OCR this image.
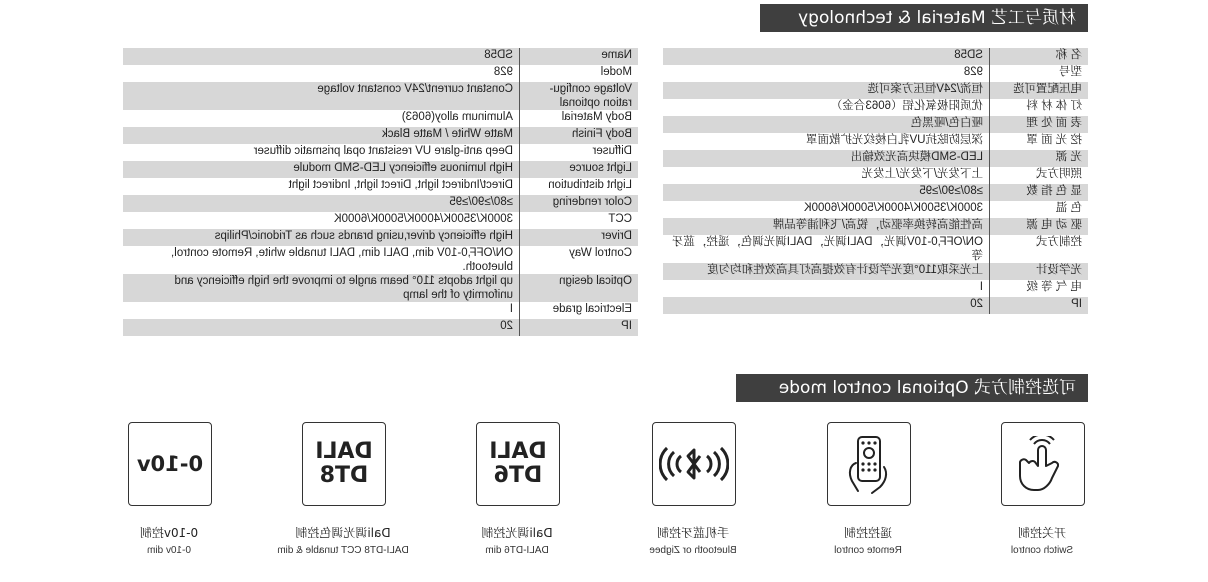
材质与工艺 Material & technology
名 称	SD58
型号	928
电压配置可选	恒流/24V恒压方案可选
灯 体 材 料	优质阳极氧化铝（6063合金）
表 面 处 理	哑白色/哑黑色
挖 光 面 罩	深层防眩抗UV乳白棱纹光扩散面罩
光 源	LED-SMD模块高光效输出
照明方式	上下发光/下发光/上发光
显 色 指 数	≥80/≥90/≥95
色 温	3000K/3500K/4000K/5000K/6000K
驱 动 电 源	高性能高转换率驱动，锐高/飞利浦等品牌
控制方式	ON/OFF,0-10V调光，DALI调光，DALI调光调色，遥控，蓝牙等
光学设计	上光采取110°度光学设计有效提高灯具高效性和均匀度
电 气 等 级	I
IP	20
Name	SD58
Model	928
Voltage configu-ration optional	Constant current/24V constant voltage
Body Material	Aluminum alloy(6063)
Body Finish	Matte White / Matte Black
Diffuser	Deep anti-glare UV resistant opal prismatic diffuser
Light source	High luminous efficiency LED-SMD module
Light distribution	Direct/Indirect light, Direct light, Indirect light
Color rendering	≥80/≥90/≥95
CCT	3000K/3500K/4000K/5000K/6000K
Driver	High efficiency driver,using brands such as Tridonic/Philips
Control Way	ON/OFF,0-10V dim, DALI dim, DALI tunable white, Remote control, bluetooth.
Optical design	up light adopts 110° beam angle to improve the high efficiency and uniformity of the lamp
Electrical grade	I
IP	20
可选控制方式 Optional control mode
开关控制
Switch control
遥控控制
Remote control
手机蓝牙控制
Bluetooth or Zigbee
DALI DT6
Dali调光控制
DALI-DT6 dim
DALI DT8
Dali调光调色控制
DALI-DT8 CCT tunable & dim
0-10v
0-10v控制
0-10v dim
